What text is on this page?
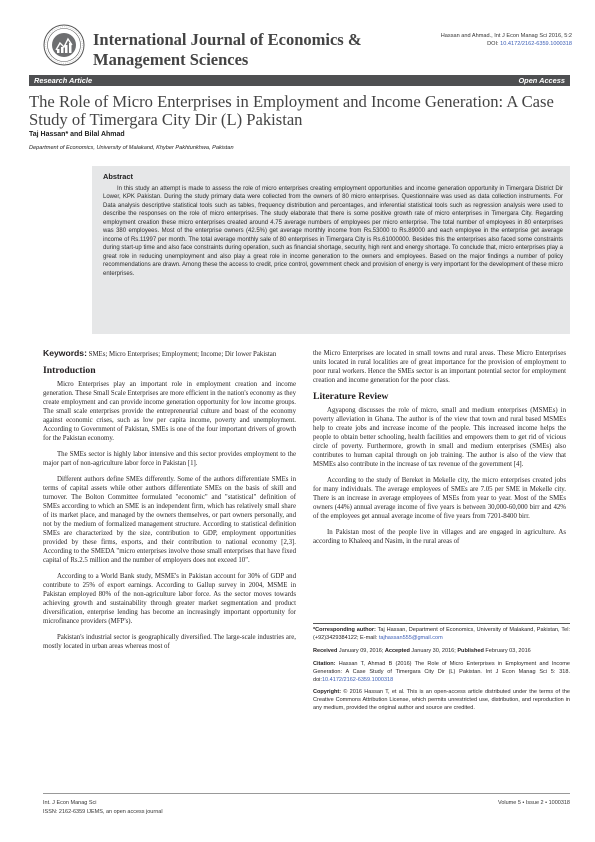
International Journal of Economics &
Management Sciences
Hassan and Ahmad., Int J Econ Manag Sci 2016, 5:2
DOI: 10.4172/2162-6359.1000318
Research Article	Open Access
The Role of Micro Enterprises in Employment and Income Generation: A Case Study of Timergara City Dir (L) Pakistan
Taj Hassan* and Bilal Ahmad
Department of Economics, University of Malakand, Khyber Pakhtunkhwa, Pakistan
Abstract
In this study an attempt is made to assess the role of micro enterprises creating employment opportunities and income generation opportunity in Timergara District Dir Lower, KPK Pakistan. During the study primary data were collected from the owners of 80 micro enterprises. Questionnaire was used as data collection instruments. For Data analysis descriptive statistical tools such as tables, frequency distribution and percentages, and inferential statistical tools such as regression analysis were used to describe the responses on the role of micro enterprises. The study elaborate that there is some positive growth rate of micro enterprises in Timergara City. Regarding employment creation these micro enterprises created around 4.75 average numbers of employees per micro enterprise. The total number of employees in 80 enterprises was 380 employees. Most of the enterprise owners (42.5%) get average monthly income from Rs.53000 to Rs.89000 and each employee in the enterprise get average income of Rs.11997 per month. The total average monthly sale of 80 enterprises in Timergara City is Rs.61000000. Besides this the enterprises also faced some constraints during start-up time and also face constraints during operation, such as financial shortage, security, high rent and energy shortage. To conclude that, micro enterprises play a great role in reducing unemployment and also play a great role in income generation to the owners and employees. Based on the major findings a number of policy recommendations are drawn. Among these the access to credit, price control, government check and provision of energy is very important for the development of these micro enterprises.

Keywords: SMEs; Micro Enterprises; Employment; Income; Dir lower Pakistan

Introduction

Micro Enterprises play an important role in employment creation and income generation. These Small Scale Enterprises are more efficient in the nation's economy as they create employment and can provide income generation opportunity for low income groups. The small scale enterprises provide the entrepreneurial culture and boast of the economy against economic crises, such as low per capita income, poverty and unemployment. According to Government of Pakistan, SMEs is one of the four important drivers of growth for the Pakistan economy.

The SMEs sector is highly labor intensive and this sector provides employment to the major part of non-agriculture labor force in Pakistan [1].

Different authors define SMEs differently. Some of the authors differentiate SMEs in terms of capital assets while other authors differentiate SMEs on the basis of skill and turnover. The Bolton Committee formulated "economic" and "statistical" definition of SMEs according to which an SME is an independent firm, which has relatively small share of its market place, and managed by the owners themselves, or part owners personally, and not by the medium of formalized management structure. According to statistical definition SMEs are characterized by the size, contribution to GDP, employment opportunities provided by these firms, exports, and their contribution to national economy [2,3]. According to the SMEDA "micro enterprises involve those small enterprises that have fixed capital of Rs.2.5 million and the number of employers does not exceed 10".

According to a World Bank study, MSME's in Pakistan account for 30% of GDP and contribute to 25% of export earnings. According to Gallup survey in 2004, MSME in Pakistan employed 80% of the non-agriculture labor force. As the sector moves towards achieving growth and sustainability through greater market segmentation and product diversification, enterprise lending has become an increasingly important opportunity for microfinance providers (MFP's).

Pakistan's industrial sector is geographically diversified. The large-scale industries are, mostly located in urban areas whereas most of

the Micro Enterprises are located in small towns and rural areas. These Micro Enterprises units located in rural localities are of great importance for the provision of employment to poor rural workers. Hence the SMEs sector is an important potential sector for employment creation and income generation for the poor class.

Literature Review

Agyapong discusses the role of micro, small and medium enterprises (MSMEs) in poverty alleviation in Ghana. The author is of the view that town and rural based MSMEs help to create jobs and increase income of the people. This increased income helps the people to obtain better schooling, health facilities and empowers them to get rid of vicious circle of poverty. Furthermore, growth in small and medium enterprises (SMEs) also contributes to human capital through on job training. The author is also of the view that MSMEs also contribute in the increase of tax revenue of the government [4].

According to the study of Bereket in Mekelle city, the micro enterprises created jobs for many individuals. The average employees of SMEs are 7.05 per SME in Mekelle city. There is an increase in average employees of MSEs from year to year. Most of the SMEs owners (44%) annual average income of five years is between 30,000-60,000 birr and 42% of the employees get annual average income of five years from 7201-8400 birr.

In Pakistan most of the people live in villages and are engaged in agriculture. As according to Khaleeq and Nasim, in the rural areas of

*Corresponding author: Taj Hassan, Department of Economics, University of Malakand, Pakistan, Tel: (+92)3429384122; E-mail: tajhassan555@gmail.com

Received January 09, 2016; Accepted January 30, 2016; Published February 03, 2016

Citation: Hassan T, Ahmad B (2016) The Role of Micro Enterprises in Employment and Income Generation: A Case Study of Timergara City Dir (L) Pakistan. Int J Econ Manag Sci 5: 318. doi:10.4172/2162-6359.1000318

Copyright: © 2016 Hassan T, et al. This is an open-access article distributed under the terms of the Creative Commons Attribution License, which permits unrestricted use, distribution, and reproduction in any medium, provided the original author and source are credited.

Int. J Econ Manag Sci
ISSN: 2162-6359 IJEMS, an open access journal
Volume 5 • Issue 2 • 1000318
